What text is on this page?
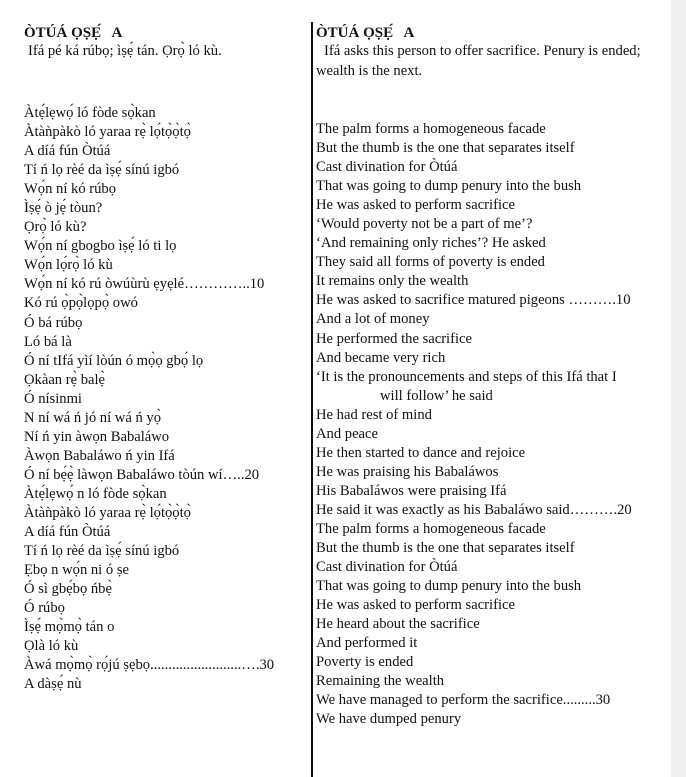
ÒTÚÁ ỌṢẸ́   A

Ifá pé ká rúbọ; ìṣẹ́ tán. Ọrọ̀ ló kù.

Àtẹ́lẹwọ́ ló fòde sọ̀kan
Àtàǹpàkò ló yaraa rẹ̀ lọ́tọ̀ọ̀tọ̀
A díá fún Òtúá
Tí ń lọ rèé da ìṣẹ́ sínú igbó
Wọ́n ní kó rúbọ
Ìṣẹ́ ò jẹ́ tòun?
Ọrọ̀ ló kù?
Wọ́n ní gbogbo ìṣẹ́ ló ti lọ
Wọ́n lọ́rọ̀ ló kù
Wọ́n ní kó rú òwúùrù ẹyẹlé…………..10
Kó rú ọ̀pọ̀lọpọ̀ owó
Ó bá rúbọ
Ló bá là
Ó ní tIfá yìí lòún ó mọ̀ọ gbọ́ lọ
Ọkàan rẹ̀ balẹ̀
Ó nísinmi
N ní wá ń jó ní wá ń yọ̀
Ní ń yin àwọn Babaláwo
Àwọn Babaláwo ń yin Ifá
Ó ní bẹ́ẹ̀ làwọn Babaláwo tòún wí…..20
Àtẹ́lẹwọ́ n ló fòde sọ̀kan
Àtàǹpàkò ló yaraa rẹ̀ lọ́tọ̀ọ̀tọ̀
A díá fún Òtúá
Tí ń lọ rèé da ìṣẹ́ sínú igbó
Ẹbọ n wọ́n ni ó ṣe
Ó sì gbẹ́bọ ńbẹ̀
Ó rúbọ
Ìṣẹ́ mọ̀mọ̀ tán o
Ọlà ló kù
Àwá mọ̀mọ̀ rọ́jú ṣẹbọ.........................….30
A dàṣẹ́ nù
ÒTÚÁ ỌṢẸ́   A

Ifá asks this person to offer sacrifice. Penury is ended; wealth is the next.

The palm forms a homogeneous facade
But the thumb is the one that separates itself
Cast divination for Òtúá
That was going to dump penury into the bush
He was asked to perform sacrifice
‘Would poverty not be a part of me’?
‘And remaining only riches’? He asked
They said all forms of poverty is ended
It remains only the wealth
He was asked to sacrifice matured pigeons ……….10
And a lot of money
He performed the sacrifice
And became very rich
‘It is the pronouncements and steps of this Ifá that I
will follow’ he said
He had rest of mind
And peace
He then started to dance and rejoice
He was praising his Babaláwos
His Babaláwos were praising Ifá
He said it was exactly as his Babaláwo said……….20
The palm forms a homogeneous facade
But the thumb is the one that separates itself
Cast divination for Òtúá
That was going to dump penury into the bush
He was asked to perform sacrifice
He heard about the sacrifice
And performed it
Poverty is ended
Remaining the wealth
We have managed to perform the sacrifice.........30
We have dumped penury
